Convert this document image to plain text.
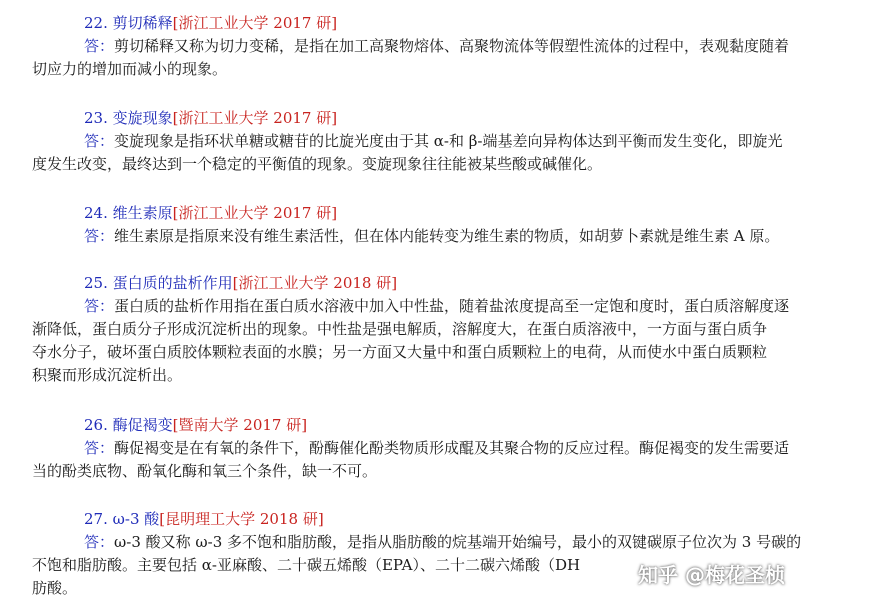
22. 剪切稀释[浙江工业大学 2017 研]
答：剪切稀释又称为切力变稀，是指在加工高聚物熔体、高聚物流体等假塑性流体的过程中，表观黏度随着
切应力的增加而减小的现象。
23. 变旋现象[浙江工业大学 2017 研]
答：变旋现象是指环状单糖或糖苷的比旋光度由于其 α-和 β-端基差向异构体达到平衡而发生变化，即旋光
度发生改变，最终达到一个稳定的平衡值的现象。变旋现象往往能被某些酸或碱催化。
24. 维生素原[浙江工业大学 2017 研]
答：维生素原是指原来没有维生素活性，但在体内能转变为维生素的物质，如胡萝卜素就是维生素 A 原。
25. 蛋白质的盐析作用[浙江工业大学 2018 研]
答：蛋白质的盐析作用指在蛋白质水溶液中加入中性盐，随着盐浓度提高至一定饱和度时，蛋白质溶解度逐
渐降低，蛋白质分子形成沉淀析出的现象。中性盐是强电解质，溶解度大，在蛋白质溶液中，一方面与蛋白质争
夺水分子，破坏蛋白质胶体颗粒表面的水膜；另一方面又大量中和蛋白质颗粒上的电荷，从而使水中蛋白质颗粒
积聚而形成沉淀析出。
26. 酶促褐变[暨南大学 2017 研]
答：酶促褐变是在有氧的条件下，酚酶催化酚类物质形成醌及其聚合物的反应过程。酶促褐变的发生需要适
当的酚类底物、酚氧化酶和氧三个条件，缺一不可。
27. ω-3 酸[昆明理工大学 2018 研]
答：ω-3 酸又称 ω-3 多不饱和脂肪酸，是指从脂肪酸的烷基端开始编号，最小的双键碳原子位次为 3 号碳的
不饱和脂肪酸。主要包括 α-亚麻酸、二十碳五烯酸（EPA）、二十二碳六烯酸（DH
肪酸。
知乎 @梅花圣桢
